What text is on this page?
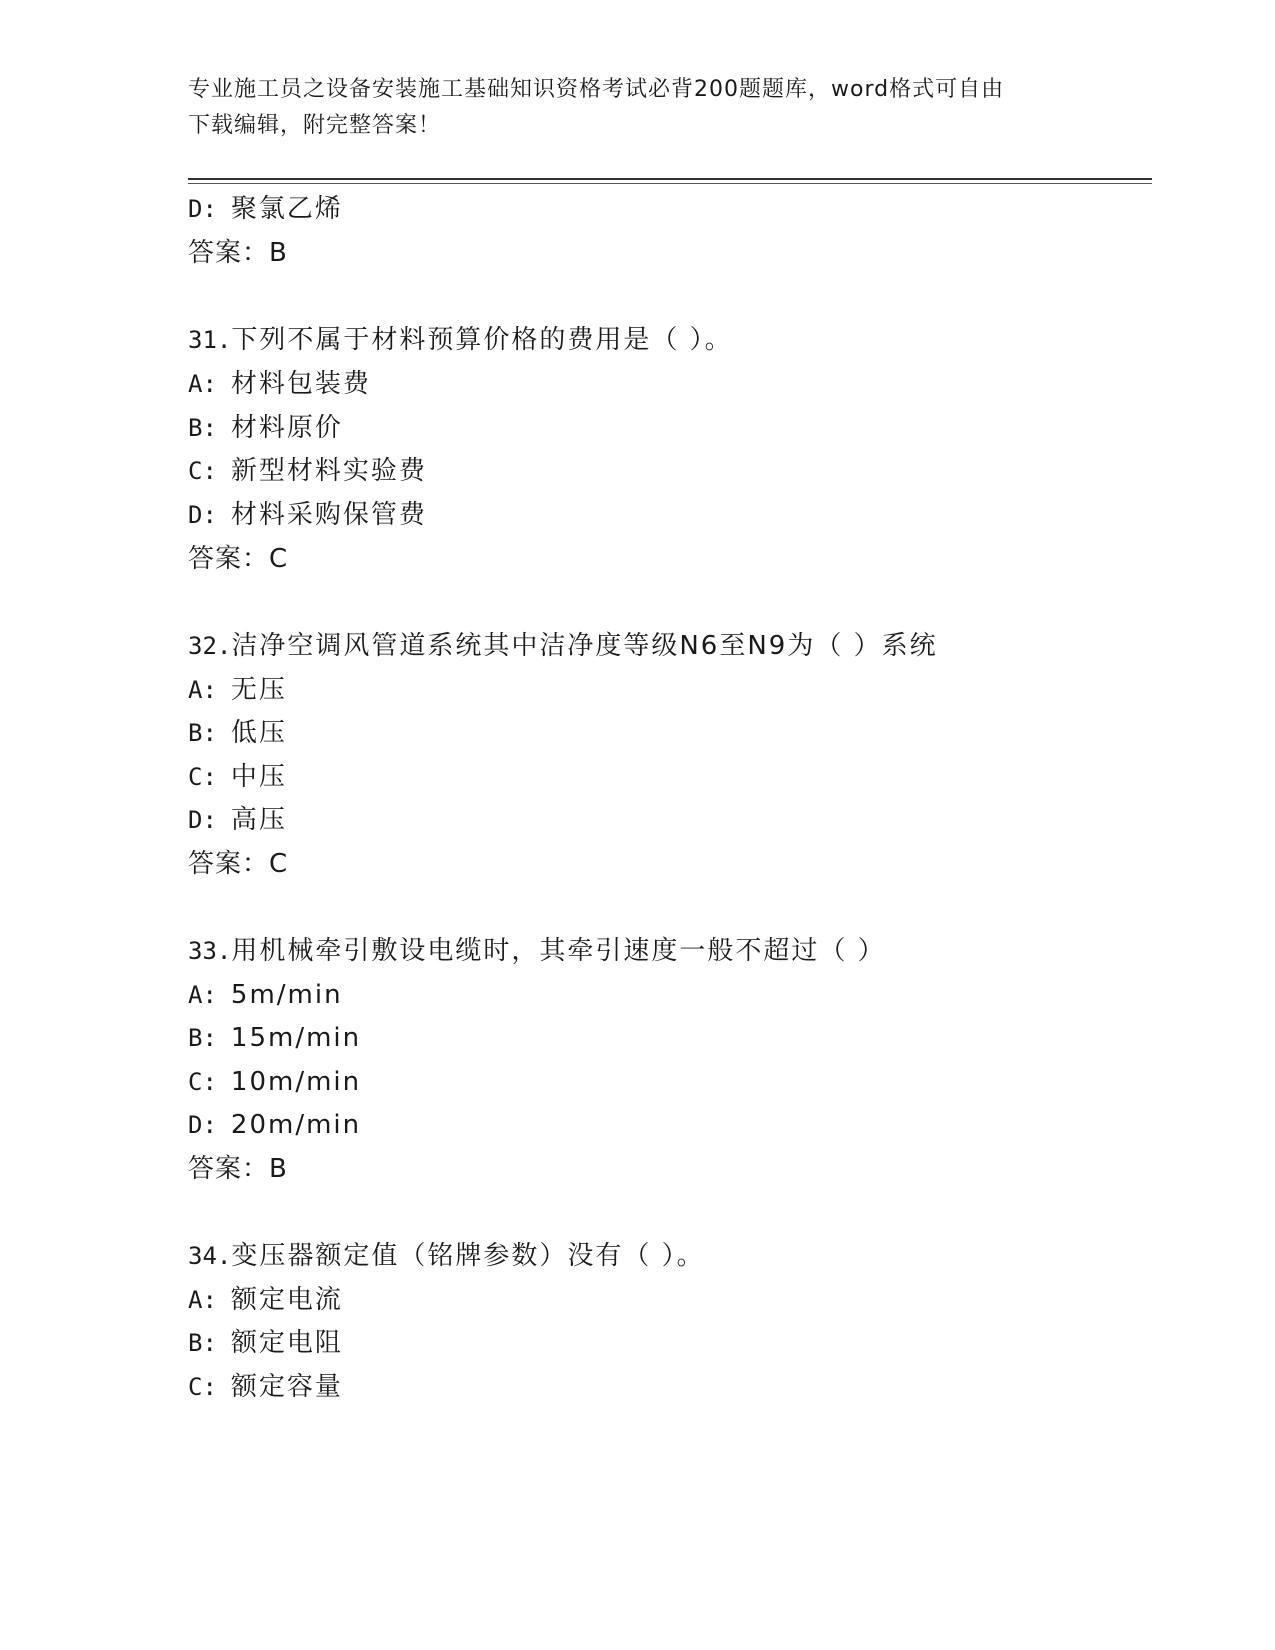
专业施工员之设备安装施工基础知识资格考试必背200题题库，word格式可自由
下载编辑，附完整答案！
D: 聚氯乙烯
答案：B
31.下列不属于材料预算价格的费用是（ ）。
A: 材料包装费
B: 材料原价
C: 新型材料实验费
D: 材料采购保管费
答案：C
32.洁净空调风管道系统其中洁净度等级N6至N9为（ ）系统
A: 无压
B: 低压
C: 中压
D: 高压
答案：C
33.用机械牵引敷设电缆时，其牵引速度一般不超过（ ）
A: 5m/min
B: 15m/min
C: 10m/min
D: 20m/min
答案：B
34.变压器额定值（铭牌参数）没有（ ）。
A: 额定电流
B: 额定电阻
C: 额定容量
